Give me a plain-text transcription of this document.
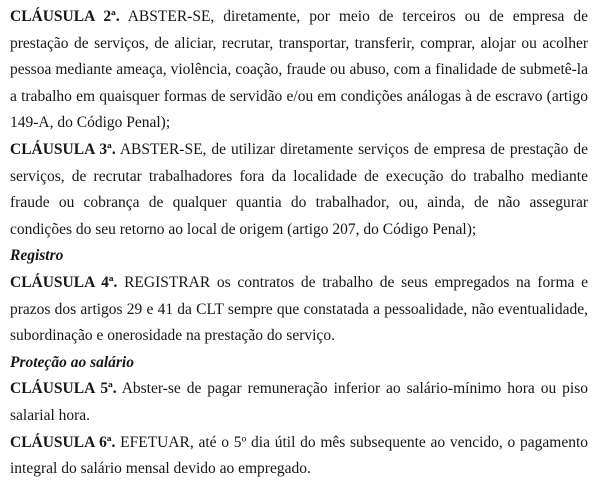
CLÁUSULA 2ª. ABSTER-SE, diretamente, por meio de terceiros ou de empresa de prestação de serviços, de aliciar, recrutar, transportar, transferir, comprar, alojar ou acolher pessoa mediante ameaça, violência, coação, fraude ou abuso, com a finalidade de submetê-la a trabalho em quaisquer formas de servidão e/ou em condições análogas à de escravo (artigo 149-A, do Código Penal);

CLÁUSULA 3ª. ABSTER-SE, de utilizar diretamente serviços de empresa de prestação de serviços, de recrutar trabalhadores fora da localidade de execução do trabalho mediante fraude ou cobrança de qualquer quantia do trabalhador, ou, ainda, de não assegurar condições do seu retorno ao local de origem (artigo 207, do Código Penal);

Registro

CLÁUSULA 4ª. REGISTRAR os contratos de trabalho de seus empregados na forma e prazos dos artigos 29 e 41 da CLT sempre que constatada a pessoalidade, não eventualidade, subordinação e onerosidade na prestação do serviço.

Proteção ao salário

CLÁUSULA 5ª. Abster-se de pagar remuneração inferior ao salário-mínimo hora ou piso salarial hora.

CLÁUSULA 6ª. EFETUAR, até o 5º dia útil do mês subsequente ao vencido, o pagamento integral do salário mensal devido ao empregado.
